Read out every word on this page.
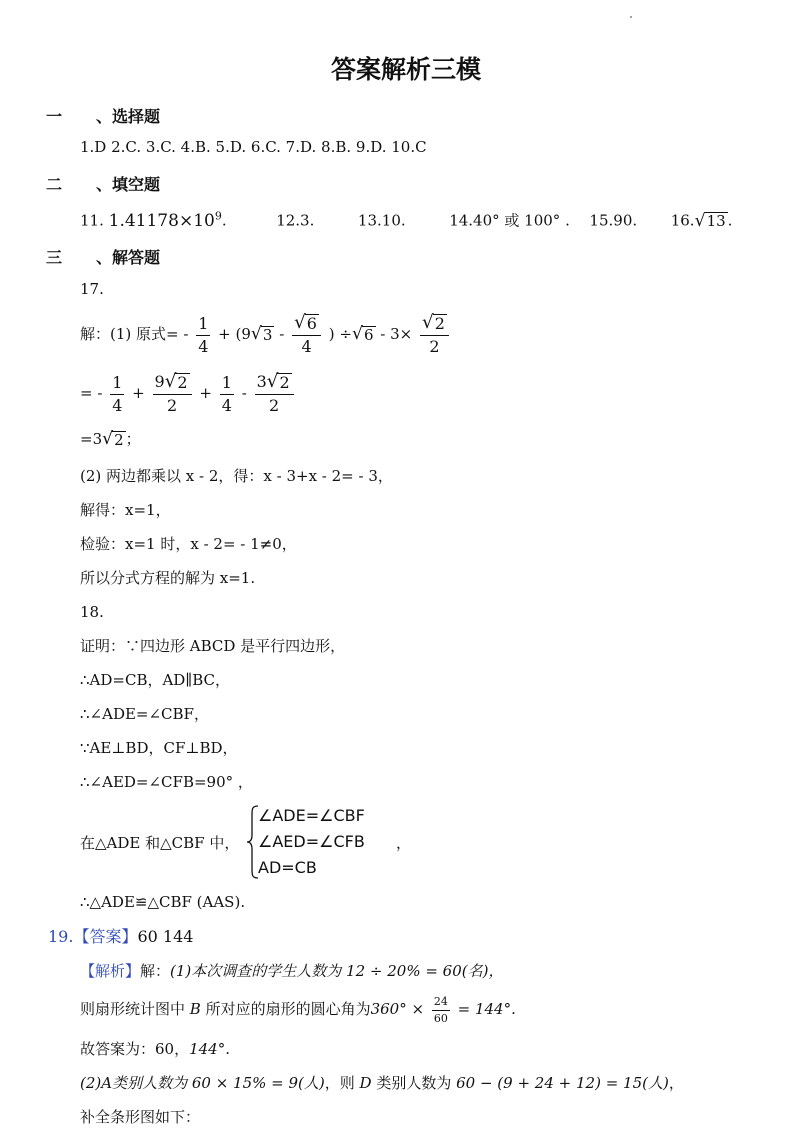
答案解析三模
一 、选择题
1.D 2.C. 3.C. 4.B. 5.D. 6.C. 7.D. 8.B. 9.D. 10.C
二 、填空题
11. $1.41178\times 10^9$.	12.3.	13.10.	14.40° 或 100° . 15.90. 16. √ 13 .
三 、解答题
17.
解：(1) 原式= - $\frac{1}{4} + (9$ √ $3 - \frac{√ 6}{4}$ ) ÷ √ $6 - 3\times \frac{√ 2}{2}$
= - $\frac{1}{4} + \frac{9 √ 2}{2} + \frac{1}{4} - \frac{3 √ 2}{2}$
=3 √ 2 ；
(2) 两边都乘以 x - 2，得：x - 3+x - 2= - 3，
解得：x=1，
检验：x=1 时，x - 2= - 1≠0，
所以分式方程的解为 x=1.
18.
证明：∵四边形 ABCD 是平行四边形，
∴AD=CB，AD∥BC，
∴∠ADE=∠CBF，
∵AE⊥BD，CF⊥BD，
∴∠AED=∠CFB=90° ，
在△ADE 和△CBF 中，
∠ADE=∠CBF
∠AED=∠CFB
AD=CB
，
∴△ADE≌△CBF (AAS).
19.【答案】60 144
【解析】解：(1)本次调查的学生人数为 12 ÷ 20% = 60(名)，
则扇形统计图中 B 所对应的扇形的圆心角为$360^\circ \times \frac{24}{60} = 144^\circ$.
故答案为：60，144°.
(2)A类别人数为 60 × 15% = 9(人)，则 D 类别人数为 60 − (9 + 24 + 12) = 15(人)，
补全条形图如下：
